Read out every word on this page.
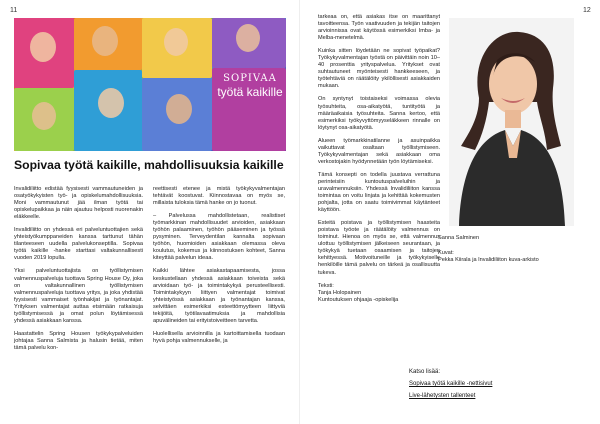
11
SOPIVAA
työtä kaikille
Sopivaa työtä kaikille, mahdollisuuksia kaikille

Invalidiliitto edistää fyysisesti vammautuneiden ja osatyökykyisten työ- ja opiskelumahdollisuuksia. Moni vammautunut jää ilman työtä tai opiskelupaikkaa ja näin ajautuu helposti nuorenakin eläkkeelle.

Invalidiliitto on yhdessä eri palveluntuottajien sekä yhteistyökumppaneiden kanssa tarttunut tähän tilanteeseen uudella palvelukonseptilla. Sopivaa työtä kaikille -hanke starttasi valtakunnallisesti vuoden 2019 lopulla.

Yksi palveluntuottajista on työllistymisen valmennuspalveluja tuottava Spring House Oy, joka on valtakunnallinen työllistymisen valmennuspalveluja tuottava yritys, ja joka yhdistää fyysisesti vammaiset työnhakijat ja työnantajat. Yrityksen valmentajat auttaa etsimään ratkaisuja työllistymisessä ja omat polun löytämisessä yhdessä asiakkaan kanssa.

Haastattelin Spring Housen työkykypalveluiden johtajaa Sanna Salmista ja halusin tietää, miten tämä palvelu kon-

reettisesti etenee ja mistä työkykyvalmentajan tehtävät koostuvat. Kiinnostavaa on myös se, millaista tuloksia tämä hanke on jo tuonut.

– Palvelussa mahdollistetaan, realistiset työmarkkinan mahdollisuudet arvioiden, asiakkaan työhön palaaminen, työhön pääseminen ja työssä pysyminen. Terveydentilan kannalta sopivaan työhön, huomioiden asiakkaan olemassa oleva koulutus, kokemus ja kiinnostuksen kohteet, Sanna kiteyttää palvelun ideaa.

Kaikki lähtee asiakastapaamisesta, jossa keskustellaan yhdessä asiakkaan toiveista sekä arvioidaan työ- ja toimintakykyä perusteellisesti. Toimintakykyyn liittyen valmentajat toimivat yhteistyössä asiakkaan ja työnantajan kanssa, selvittäen esimerkiksi esteettömyytteen liittyviä tekijöitä, työtilavaatimuksia ja mahdollisia apuvälineiden tai erityistoiveitteen tarvetta.

Huolellisella arvioinnilla ja kartoittamisella tuodaan hyvä pohja valmennukselle, ja

12

tarkeaa on, että asiakas itse on maarittanyt tavoitteensa. Työn vaativuuden ja tekijän taitojen arvioinnissa ovat käytössä esimerkiksi Imba- ja Melba-menetelmä.

Kuinka sitten löydetään ne sopivat työpaikat? Työkykyvalmentajan työstä on päivittäin noin 10–40 prosenttia yrityspalvelua. Yritykset ovat suhtautuneet myönteisesti hankkeeseen, ja työtehtäviä on räätälöity ykilöllisesti asiakkaiden mukaan.

On syntynyt toistaiseksi voimassa olevia työsuhteita, osa-aikatyötä, tuntityötä ja määräaikaisia työsuhteita. Sanna kertoo, että esimerkiksi työkyvyttömyyseläkkeen rinnalle on löytynyt osa-aikatyötä.

Alueen työmarkkinatilanne ja asuinpaikka vaikuttavat osaltaan työllistymiseen. Työkykyvalmentajan sekä asiakkaan oma verkostojakin hyödynnetään työn löytämiseksi.

Tämä konsepti on todella juustava verrattuna perinteisiin kuntoutuspalveluihin ja uravalmennuksiin. Yhdessä Invalidiliiton kanssa toimintaa on voitu linjata ja kehittää kokemusten pohjalta, jotta on saatu toimivimmat käytänteet käyttöön.

Esteitä poistava ja työllistymisen haasteita poistava työote ja räätälöity valmennus on toiminut. Hienoa on myös se, että valmennus ulottuu työllistymisen jälkeiseen seurantaan, ja työkykyä tuetaan osaamisen ja taitojen kehittyessä. Motivoituneille ja työkykyiselle henkilöille tämä palvelu on tärkeä ja osallisuutta tukeva.

Teksti:
Tanja Holopainen
Kuntoutuksen ohjaaja -opiskelija

Sanna Salminen
Kuvat:
Pekka Kiirala ja Invalidiliiton kuva-arkisto
Katso lisää:
Sopivaa työtä kaikille -nettisivut
Live-lähetysten tallenteet
